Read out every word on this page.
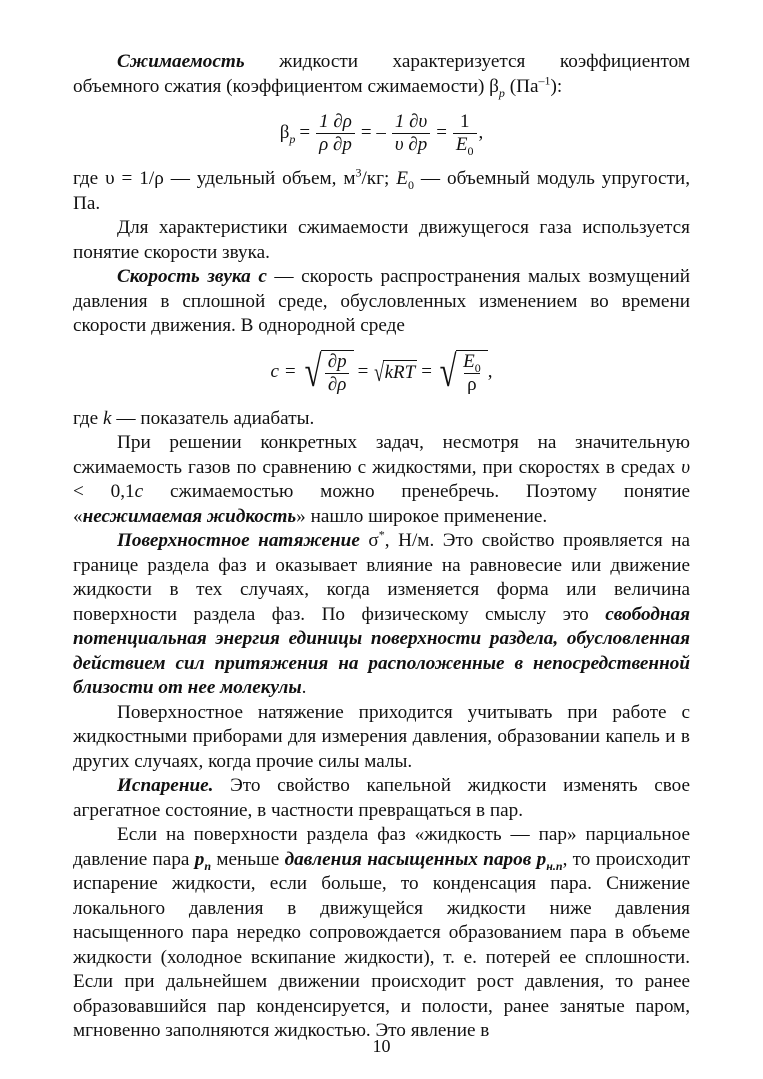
Сжимаемость жидкости характеризуется коэффициентом объемного сжатия (коэффициентом сжимаемости) $\beta_p$ $(Па^{-1})$:

$\beta_p = \frac{1 \partial\rho}{\rho \partial p}$ = – $\frac{1 \partial\upsilon}{\upsilon \partial p} = \frac{1}{E_0}$ ,

где υ = 1/ρ — удельный объем, $м^3/кг$; $E_0$ — объемный модуль упругости, Па.

Для характеристики сжимаемости движущегося газа используется понятие скорости звука.

Скорость звука c — скорость распространения малых возмущений давления в сплошной среде, обусловленных изменением во времени скорости движения. В однородной среде

c = √ $\frac{\partial p}{\partial\rho}$ = √ kRT = √ $\frac{E_0}{\rho}$ ,

где k — показатель адиабаты.

При решении конкретных задач, несмотря на значительную сжимаемость газов по сравнению с жидкостями, при скоростях в средах υ < 0,1c сжимаемостью можно пренебречь. Поэтому понятие «несжимаемая жидкость» нашло широкое применение.

Поверхностное натяжение σ*, Н/м. Это свойство проявляется на границе раздела фаз и оказывает влияние на равновесие или движение жидкости в тех случаях, когда изменяется форма или величина поверхности раздела фаз. По физическому смыслу это свободная потенциальная энергия единицы поверхности раздела, обусловленная действием сил притяжения на расположенные в непосредственной близости от нее молекулы.

Поверхностное натяжение приходится учитывать при работе с жидкостными приборами для измерения давления, образовании капель и в других случаях, когда прочие силы малы.

Испарение. Это свойство капельной жидкости изменять свое агрегатное состояние, в частности превращаться в пар.

Если на поверхности раздела фаз «жидкость — пар» парциальное давление пара $p_п$ меньше давления насыщенных паров $p_{н.п}$, то происходит испарение жидкости, если больше, то конденсация пара. Снижение локального давления в движущейся жидкости ниже давления насыщенного пара нередко сопровождается образованием пара в объеме жидкости (холодное вскипание жидкости), т. е. потерей ее сплошности. Если при дальнейшем движении происходит рост давления, то ранее образовавшийся пар конденсируется, и полости, ранее занятые паром, мгновенно заполняются жидкостью. Это явление в

10
